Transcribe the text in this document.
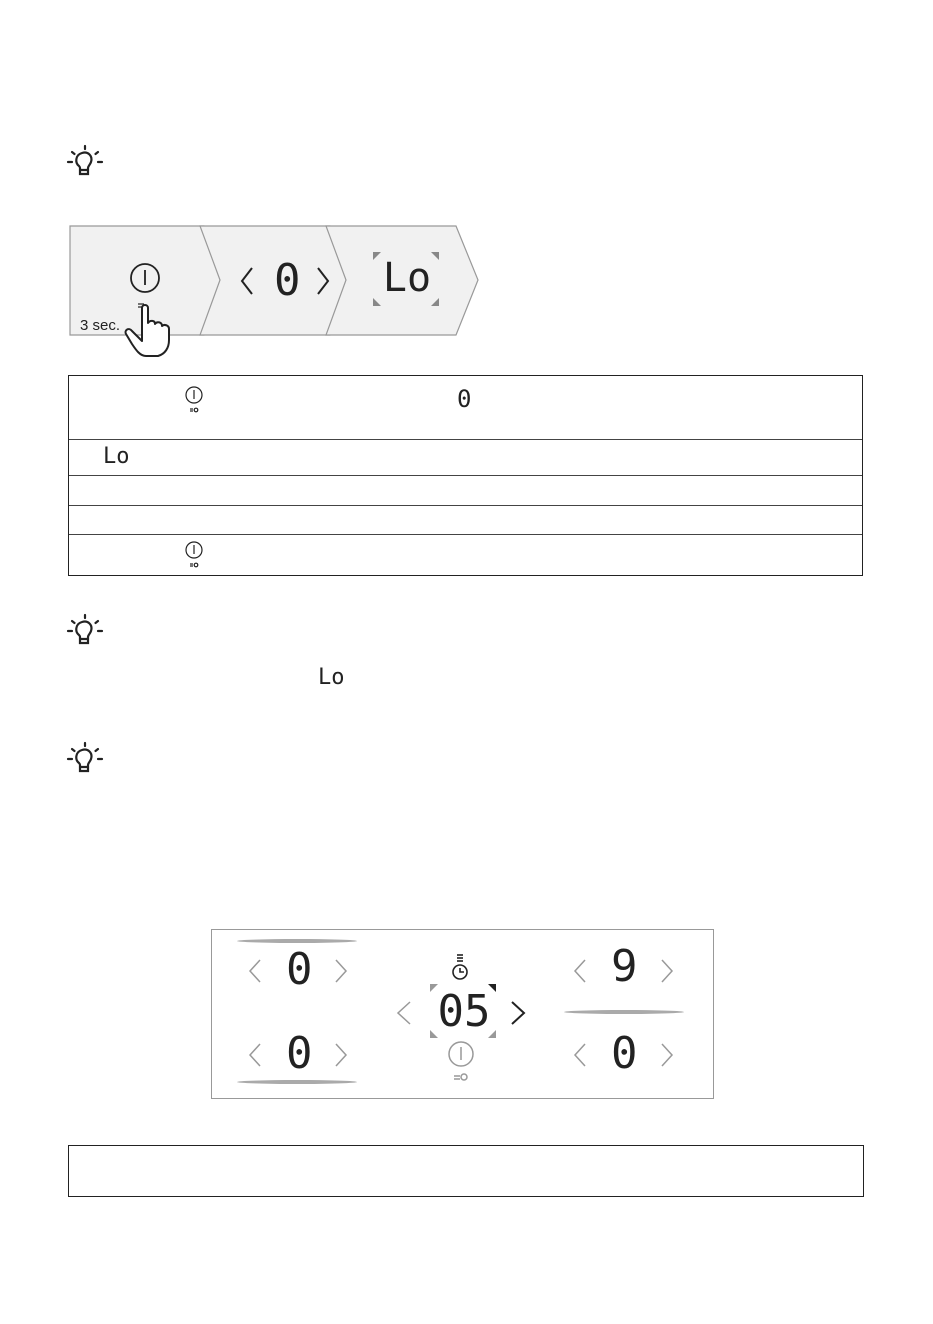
3 sec.
0 Lo
0
Lo
Lo
0
0
9
0
05
